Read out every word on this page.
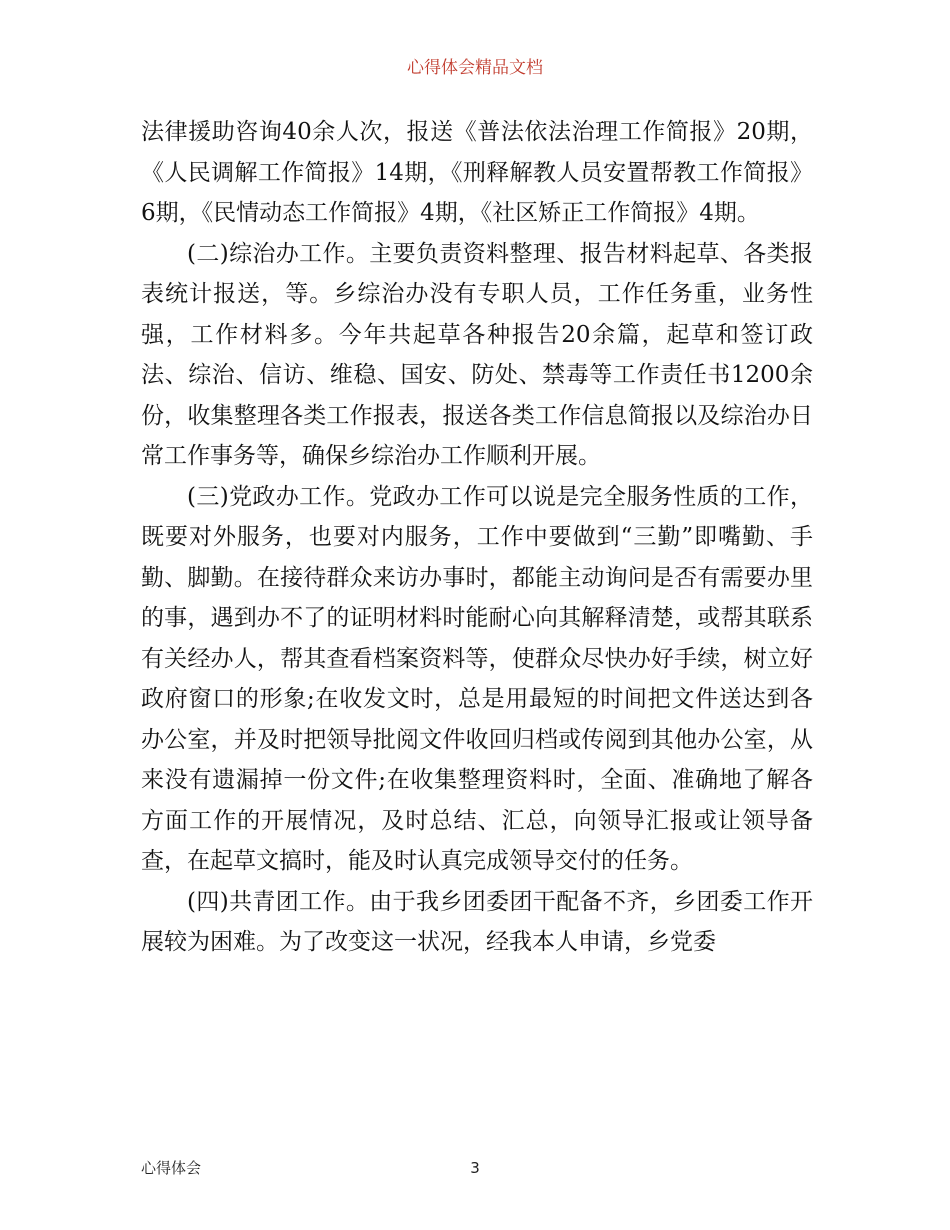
心得体会精品文档

法律援助咨询40余人次，报送《普法依法治理工作简报》20期，《人民调解工作简报》14期，《刑释解教人员安置帮教工作简报》6期，《民情动态工作简报》4期，《社区矫正工作简报》4期。

(二)综治办工作。主要负责资料整理、报告材料起草、各类报表统计报送，等。乡综治办没有专职人员，工作任务重，业务性强，工作材料多。今年共起草各种报告20余篇，起草和签订政法、综治、信访、维稳、国安、防处、禁毒等工作责任书1200余份，收集整理各类工作报表，报送各类工作信息简报以及综治办日常工作事务等，确保乡综治办工作顺利开展。

(三)党政办工作。党政办工作可以说是完全服务性质的工作，既要对外服务，也要对内服务，工作中要做到“三勤”即嘴勤、手勤、脚勤。在接待群众来访办事时，都能主动询问是否有需要办里的事，遇到办不了的证明材料时能耐心向其解释清楚，或帮其联系有关经办人，帮其查看档案资料等，使群众尽快办好手续，树立好政府窗口的形象;在收发文时，总是用最短的时间把文件送达到各办公室，并及时把领导批阅文件收回归档或传阅到其他办公室，从来没有遗漏掉一份文件;在收集整理资料时，全面、准确地了解各方面工作的开展情况，及时总结、汇总，向领导汇报或让领导备查，在起草文搞时，能及时认真完成领导交付的任务。

(四)共青团工作。由于我乡团委团干配备不齐，乡团委工作开展较为困难。为了改变这一状况，经我本人申请，乡党委

心得体会	3
